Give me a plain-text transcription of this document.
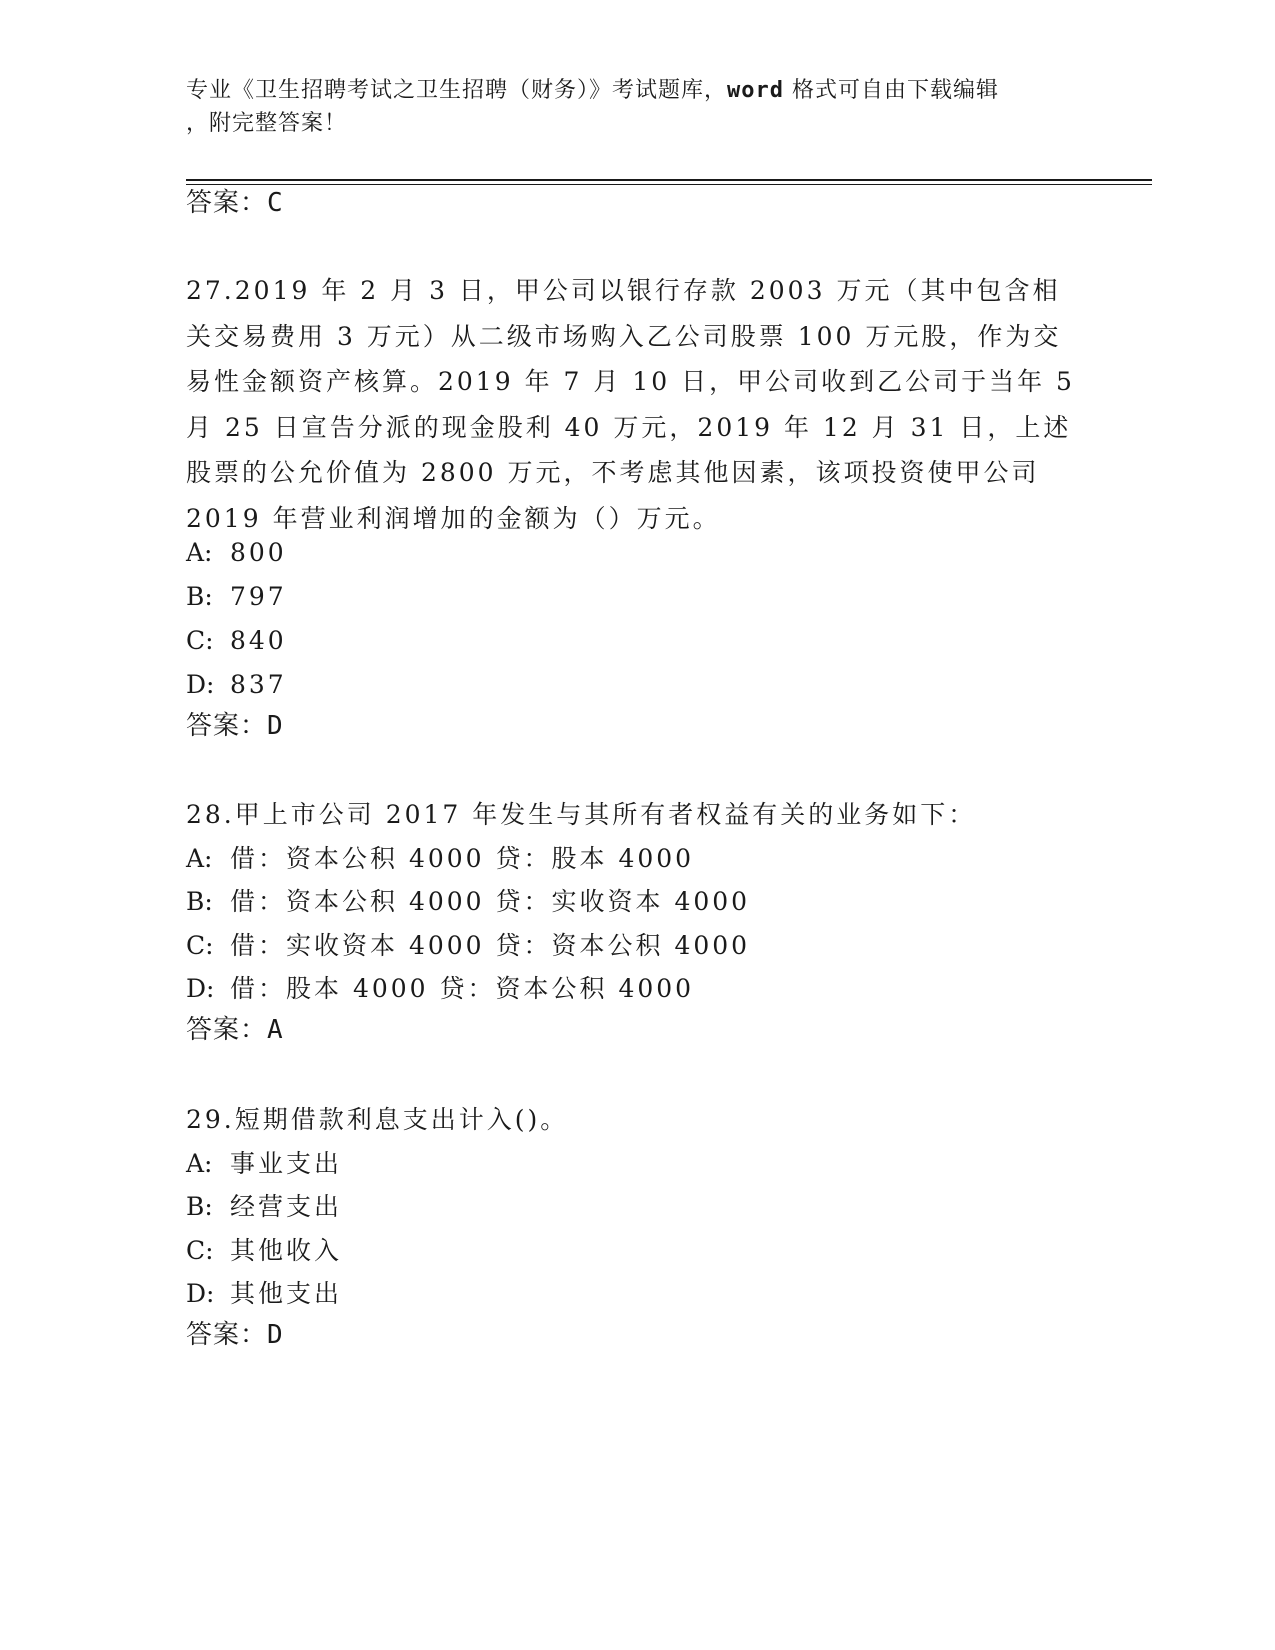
专业《卫生招聘考试之卫生招聘（财务）》考试题库，word 格式可自由下载编辑
，附完整答案！
答案：C
27.2019 年 2 月 3 日，甲公司以银行存款 2003 万元（其中包含相关交易费用 3 万元）从二级市场购入乙公司股票 100 万元股，作为交易性金额资产核算。2019 年 7 月 10 日，甲公司收到乙公司于当年 5 月 25 日宣告分派的现金股利 40 万元，2019 年 12 月 31 日，上述股票的公允价值为 2800 万元，不考虑其他因素，该项投资使甲公司 2019 年营业利润增加的金额为（）万元。
A: 800
B: 797
C: 840
D: 837
答案：D
28.甲上市公司 2017 年发生与其所有者权益有关的业务如下：
A: 借：资本公积 4000 贷：股本 4000
B: 借：资本公积 4000 贷：实收资本 4000
C: 借：实收资本 4000 贷：资本公积 4000
D: 借：股本 4000 贷：资本公积 4000
答案：A
29.短期借款利息支出计入()。
A: 事业支出
B: 经营支出
C: 其他收入
D: 其他支出
答案：D
